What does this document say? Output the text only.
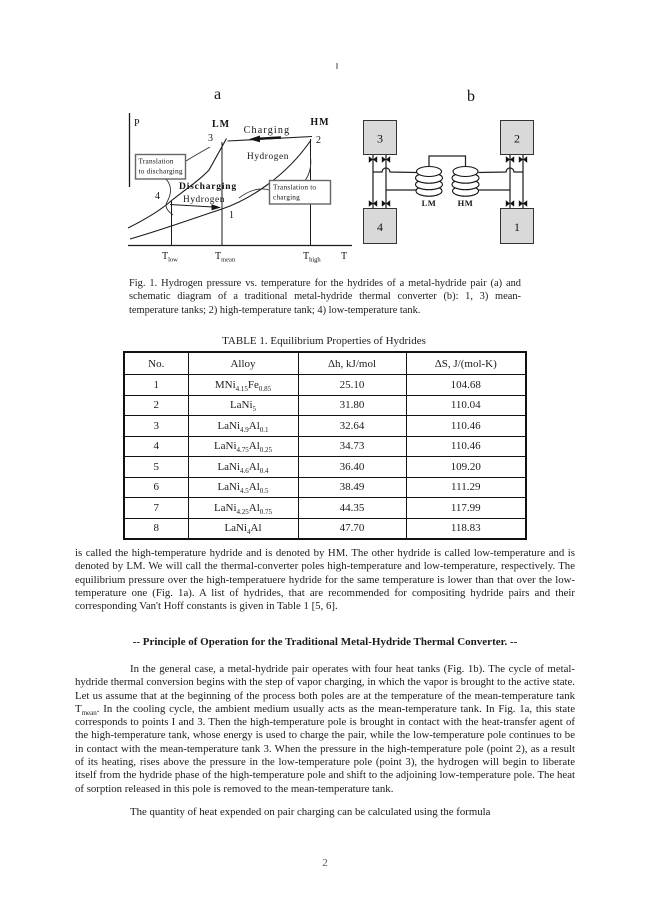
a	b
P	LM	HM
Charging
Hydrogen
Discharging
Hydrogen
3	2
4
1
Translation
to discharging
Translation to
charging
$T_{low}$	$T_{mean}$	$T_{high}$ T
LM	HM
3	2
4	1
Fig. 1. Hydrogen pressure vs. temperature for the hydrides of a metal-hydride pair (a) and schematic diagram of a traditional metal-hydride thermal converter (b): 1, 3) mean-temperature tanks; 2) high-temperature tank; 4) low-temperature tank.
TABLE 1. Equilibrium Properties of Hydrides
No.	Alloy	Δh, kJ/mol	ΔS, J/(mol-K)
1	$MNi_{4.15}Fe_{0.85}$	25.10	104.68
2	LaNi$_5$	31.80	110.04
3	$LaNi_{4.9}Al_{0.1}$	32.64	110.46
4	$LaNi_{4.75}Al_{0.25}$	34.73	110.46
5	$LaNi_{4.6}Al_{0.4}$	36.40	109.20
6	$LaNi_{4.5}Al_{0.5}$	38.49	111.29
7	$LaNi_{4.25}Al_{0.75}$	44.35	117.99
8	LaNi$_4$Al	47.70	118.83
is called the high-temperature hydride and is denoted by HM. The other hydride is called low-temperature and is denoted by LM. We will call the thermal-converter poles high-temperature and low-temperature, respectively. The equilibrium pressure over the high-temperatuere hydride for the same temperature is lower than that over the low-temperature one (Fig. 1a). A list of hydrides, that are recommended for compositing hydride pairs and their corresponding Van't Hoff constants is given in Table 1 [5, 6].
-- Principle of Operation for the Traditional Metal-Hydride Thermal Converter. --
In the general case, a metal-hydride pair operates with four heat tanks (Fig. 1b). The cycle of metal-hydride thermal conversion begins with the step of vapor charging, in which the vapor is brought to the active state. Let us assume that at the beginning of the process both poles are at the temperature of the mean-temperature tank $T_{mean}$. In the cooling cycle, the ambient medium usually acts as the mean-temperature tank. In Fig. 1a, this state corresponds to points I and 3. Then the high-temperature pole is brought in contact with the heat-transfer agent of the high-temperature tank, whose energy is used to charge the pair, while the low-temperature pole continues to be in contact with the mean-temperature tank 3. When the pressure in the high-temperature pole (point 2), as a result of its heating, rises above the pressure in the low-temperature pole (point 3), the hydrogen will begin to liberate itself from the hydride phase of the high-temperature pole and shift to the adjoining low-temperature pole. The heat of sorption released in this pole is removed to the mean-temperature tank.
The quantity of heat expended on pair charging can be calculated using the formula
2
